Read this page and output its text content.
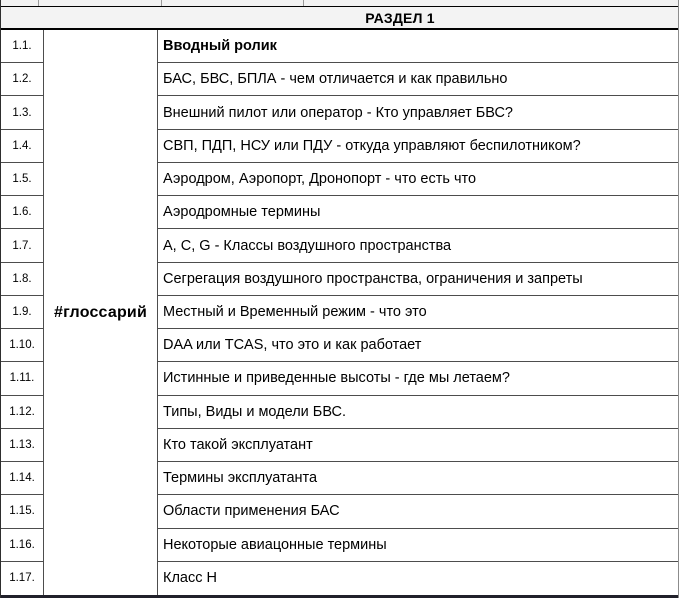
РАЗДЕЛ 1
#глоссарий
1.1.	Вводный ролик
1.2.	БАС, БВС, БПЛА - чем отличается и как правильно
1.3.	Внешний пилот или оператор - Кто управляет БВС?
1.4.	СВП, ПДП, НСУ или ПДУ - откуда управляют беспилотником?
1.5.	Аэродром, Аэропорт, Дронопорт - что есть что
1.6.	Аэродромные термины
1.7.	А, С, G - Классы воздушного пространства
1.8.	Сегрегация воздушного пространства, ограничения и запреты
1.9.	Местный и Временный режим - что это
1.10.	DAA или TCAS, что это и как работает
1.11.	Истинные и приведенные высоты - где мы летаем?
1.12.	Типы, Виды и модели БВС.
1.13.	Кто такой эксплуатант
1.14.	Термины эксплуатанта
1.15.	Области применения БАС
1.16.	Некоторые авиацонные термины
1.17.	Класс Н
